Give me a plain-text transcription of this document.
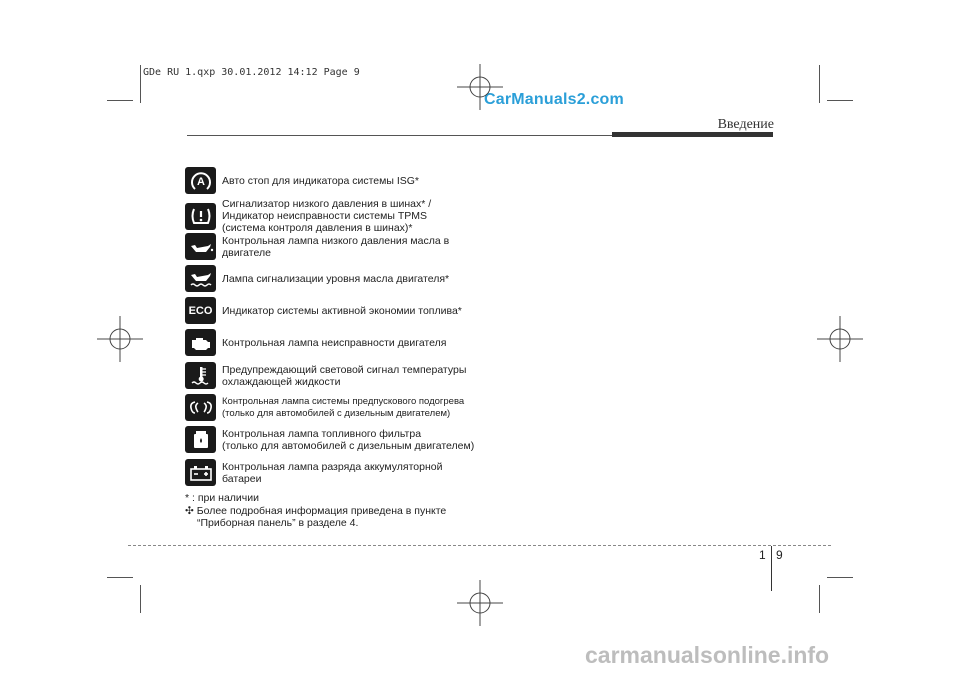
GDe RU 1.qxp 30.01.2012 14:12 Page 9
CarManuals2.com
Введение
A Авто стоп для индикатора системы ISG*
Сигнализатор низкого давления в шинах* /
Индикатор неисправности системы TPMS
(система контроля давления в шинах)*
Контрольная лампа низкого давления масла в
двигателе
Лампа сигнализации уровня масла двигателя*
ECO Индикатор системы активной экономии топлива*
Контрольная лампа неисправности двигателя
Предупреждающий световой сигнал температуры
охлаждающей жидкости
Контрольная лампа системы предпускового подогрева
(только для автомобилей с дизельным двигателем)
Контрольная лампа топливного фильтра
(только для автомобилей с дизельным двигателем)
Контрольная лампа разряда аккумуляторной
батареи
* : при наличии
✣ Более подробная информация приведена в пункте
“Приборная панель” в разделе 4.
1 9
carmanualsonline.info
